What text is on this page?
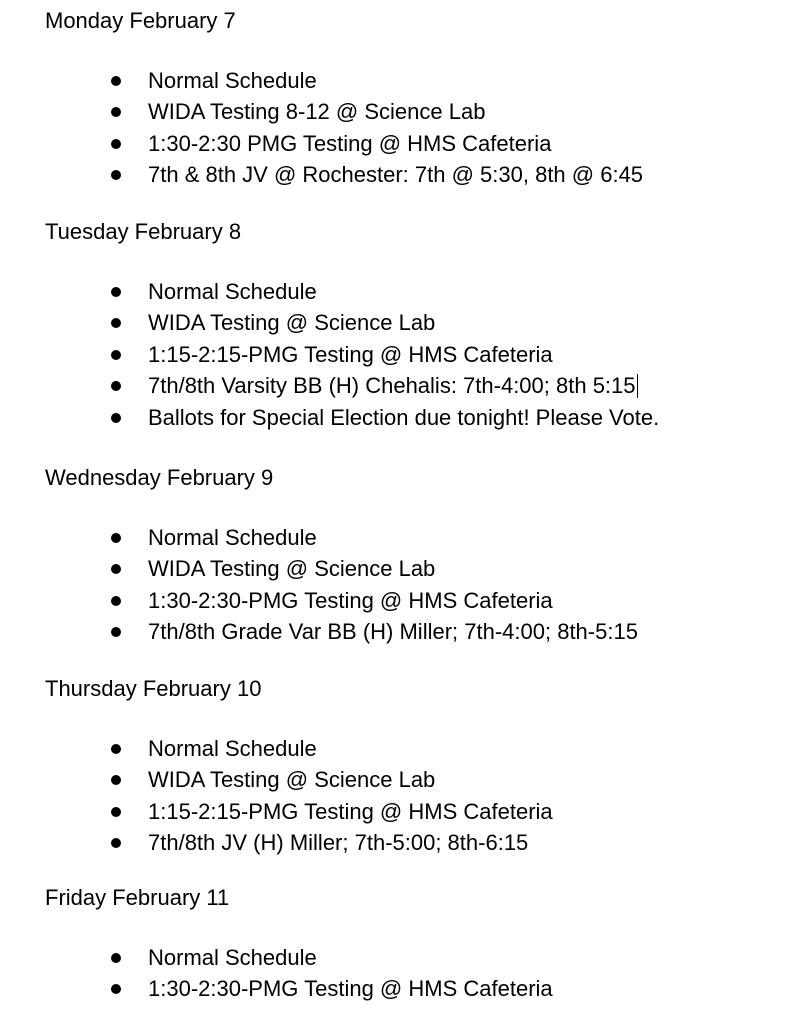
Monday February 7
Normal Schedule
WIDA Testing 8-12 @ Science Lab
1:30-2:30 PMG Testing @ HMS Cafeteria
7th & 8th JV @ Rochester: 7th @ 5:30, 8th @ 6:45
Tuesday February 8
Normal Schedule
WIDA Testing @ Science Lab
1:15-2:15-PMG Testing @ HMS Cafeteria
7th/8th Varsity BB (H) Chehalis: 7th-4:00; 8th 5:15
Ballots for Special Election due tonight! Please Vote.
Wednesday February 9
Normal Schedule
WIDA Testing @ Science Lab
1:30-2:30-PMG Testing @ HMS Cafeteria
7th/8th Grade Var BB (H) Miller; 7th-4:00; 8th-5:15
Thursday February 10
Normal Schedule
WIDA Testing @ Science Lab
1:15-2:15-PMG Testing @ HMS Cafeteria
7th/8th JV (H) Miller; 7th-5:00; 8th-6:15
Friday February 11
Normal Schedule
1:30-2:30-PMG Testing @ HMS Cafeteria
